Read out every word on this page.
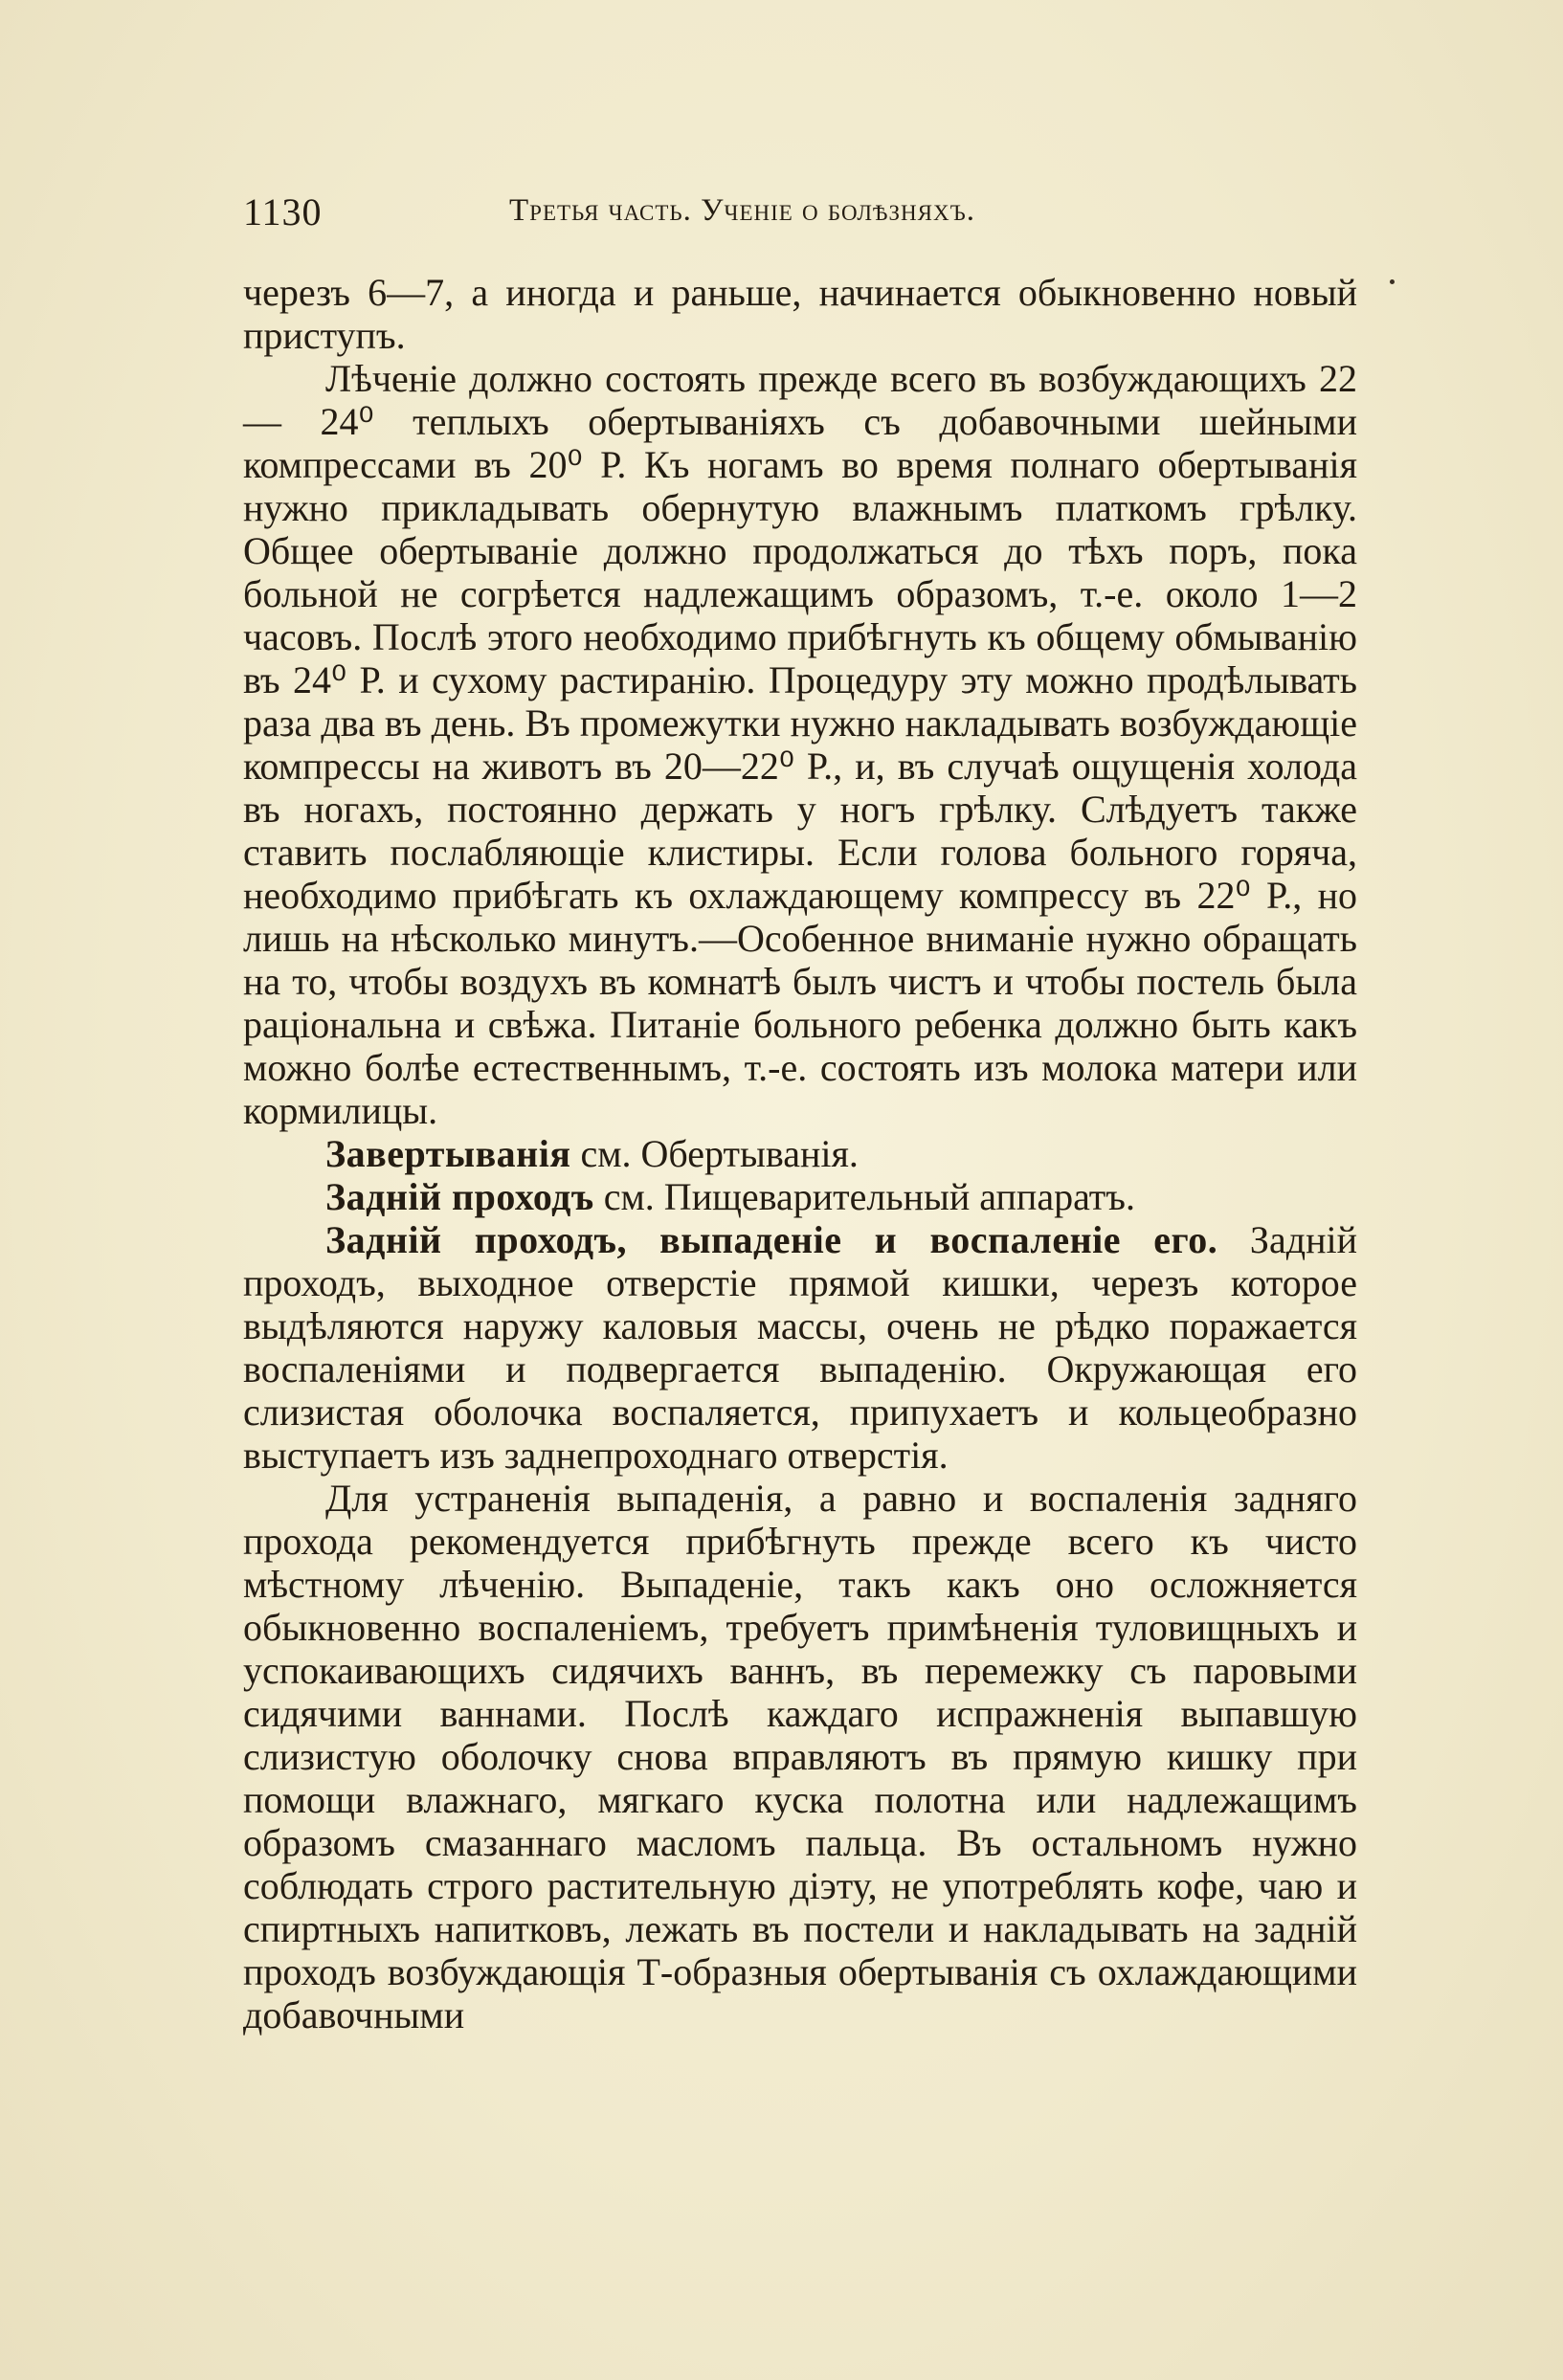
1130	Третья часть. Ученіе о болѣзняхъ.

черезъ 6—7, а иногда и раньше, начинается обыкновенно новый приступъ.

Лѣченіе должно состоять прежде всего въ возбуждающихъ 22 — 24⁰ теплыхъ обертываніяхъ съ добавочными шейными компрессами въ 20⁰ Р. Къ ногамъ во время полнаго обертыванія нужно прикладывать обернутую влажнымъ платкомъ грѣлку. Общее обертываніе должно продолжаться до тѣхъ поръ, пока больной не согрѣется надлежащимъ образомъ, т.-е. около 1—2 часовъ. Послѣ этого необходимо прибѣгнуть къ общему обмыванію въ 24⁰ Р. и сухому растиранію. Процедуру эту можно продѣлывать раза два въ день. Въ промежутки нужно накладывать возбуждающіе компрессы на животъ въ 20—22⁰ Р., и, въ случаѣ ощущенія холода въ ногахъ, постоянно держать у ногъ грѣлку. Слѣдуетъ также ставить послабляющіе клистиры. Если голова больного горяча, необходимо прибѣгать къ охлаждающему компрессу въ 22⁰ Р., но лишь на нѣсколько минутъ.—Особенное вниманіе нужно обращать на то, чтобы воздухъ въ комнатѣ былъ чистъ и чтобы постель была раціональна и свѣжа. Питаніе больного ребенка должно быть какъ можно болѣе естественнымъ, т.-е. состоять изъ молока матери или кормилицы.

Завертыванія см. Обертыванія.

Задній проходъ см. Пищеварительный аппаратъ.

Задній проходъ, выпаденіе и воспаленіе его. Задній проходъ, выходное отверстіе прямой кишки, черезъ которое выдѣляются наружу каловыя массы, очень не рѣдко поражается воспаленіями и подвергается выпаденію. Окружающая его слизистая оболочка воспаляется, припухаетъ и кольцеобразно выступаетъ изъ заднепроходнаго отверстія.

Для устраненія выпаденія, а равно и воспаленія задняго прохода рекомендуется прибѣгнуть прежде всего къ чисто мѣстному лѣченію. Выпаденіе, такъ какъ оно осложняется обыкновенно воспаленіемъ, требуетъ примѣненія туловищныхъ и успокаивающихъ сидячихъ ваннъ, въ перемежку съ паровыми сидячими ваннами. Послѣ каждаго испражненія выпавшую слизистую оболочку снова вправляютъ въ прямую кишку при помощи влажнаго, мягкаго куска полотна или надлежащимъ образомъ смазаннаго масломъ пальца. Въ остальномъ нужно соблюдать строго растительную діэту, не употреблять кофе, чаю и спиртныхъ напитковъ, лежать въ постели и накладывать на задній проходъ возбуждающія Т-образныя обертыванія съ охлаждающими добавочными
